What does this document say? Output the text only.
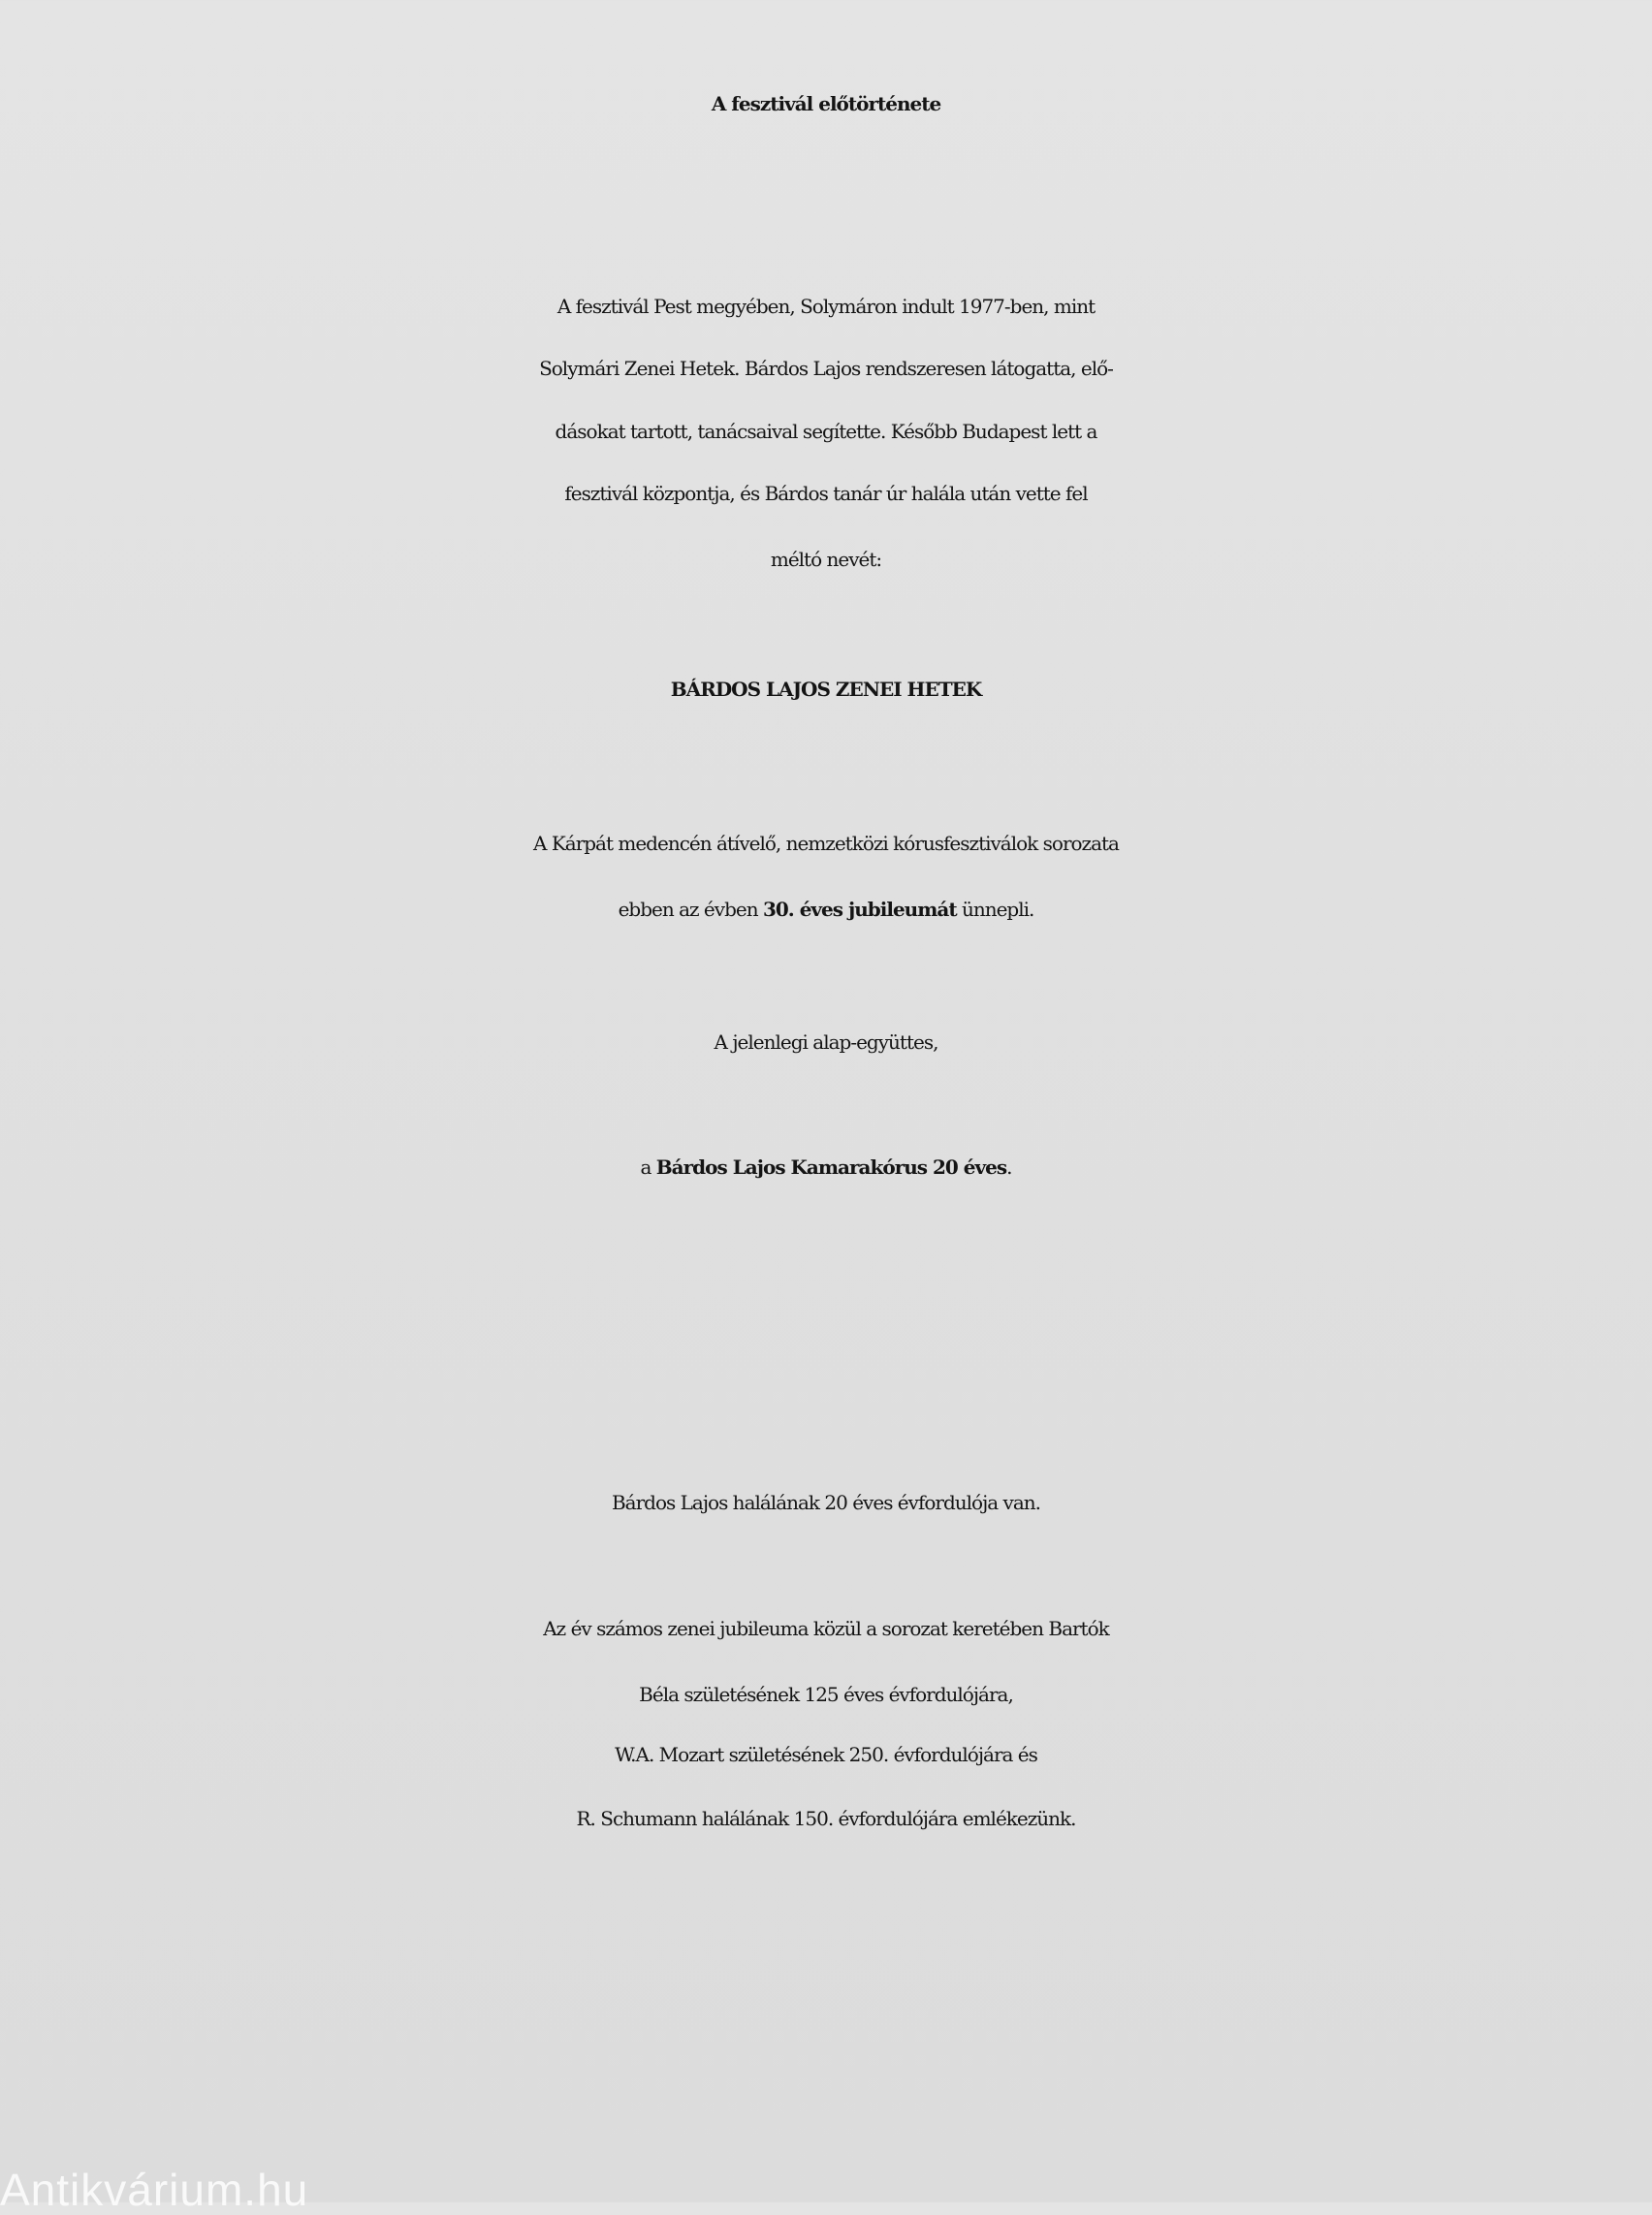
A fesztivál előtörténete
A fesztivál Pest megyében, Solymáron indult 1977-ben, mint
Solymári Zenei Hetek. Bárdos Lajos rendszeresen látogatta, elő-
dásokat tartott, tanácsaival segítette. Később Budapest lett a
fesztivál központja, és Bárdos tanár úr halála után vette fel
méltó nevét:
BÁRDOS LAJOS ZENEI HETEK
A Kárpát medencén átívelő, nemzetközi kórusfesztiválok sorozata
ebben az évben 30. éves jubileumát ünnepli.
A jelenlegi alap-együttes,
a Bárdos Lajos Kamarakórus 20 éves.
Bárdos Lajos halálának 20 éves évfordulója van.
Az év számos zenei jubileuma közül a sorozat keretében Bartók
Béla születésének 125 éves évfordulójára,
W.A. Mozart születésének 250. évfordulójára és
R. Schumann halálának 150. évfordulójára emlékezünk.
Antikvárium.hu
